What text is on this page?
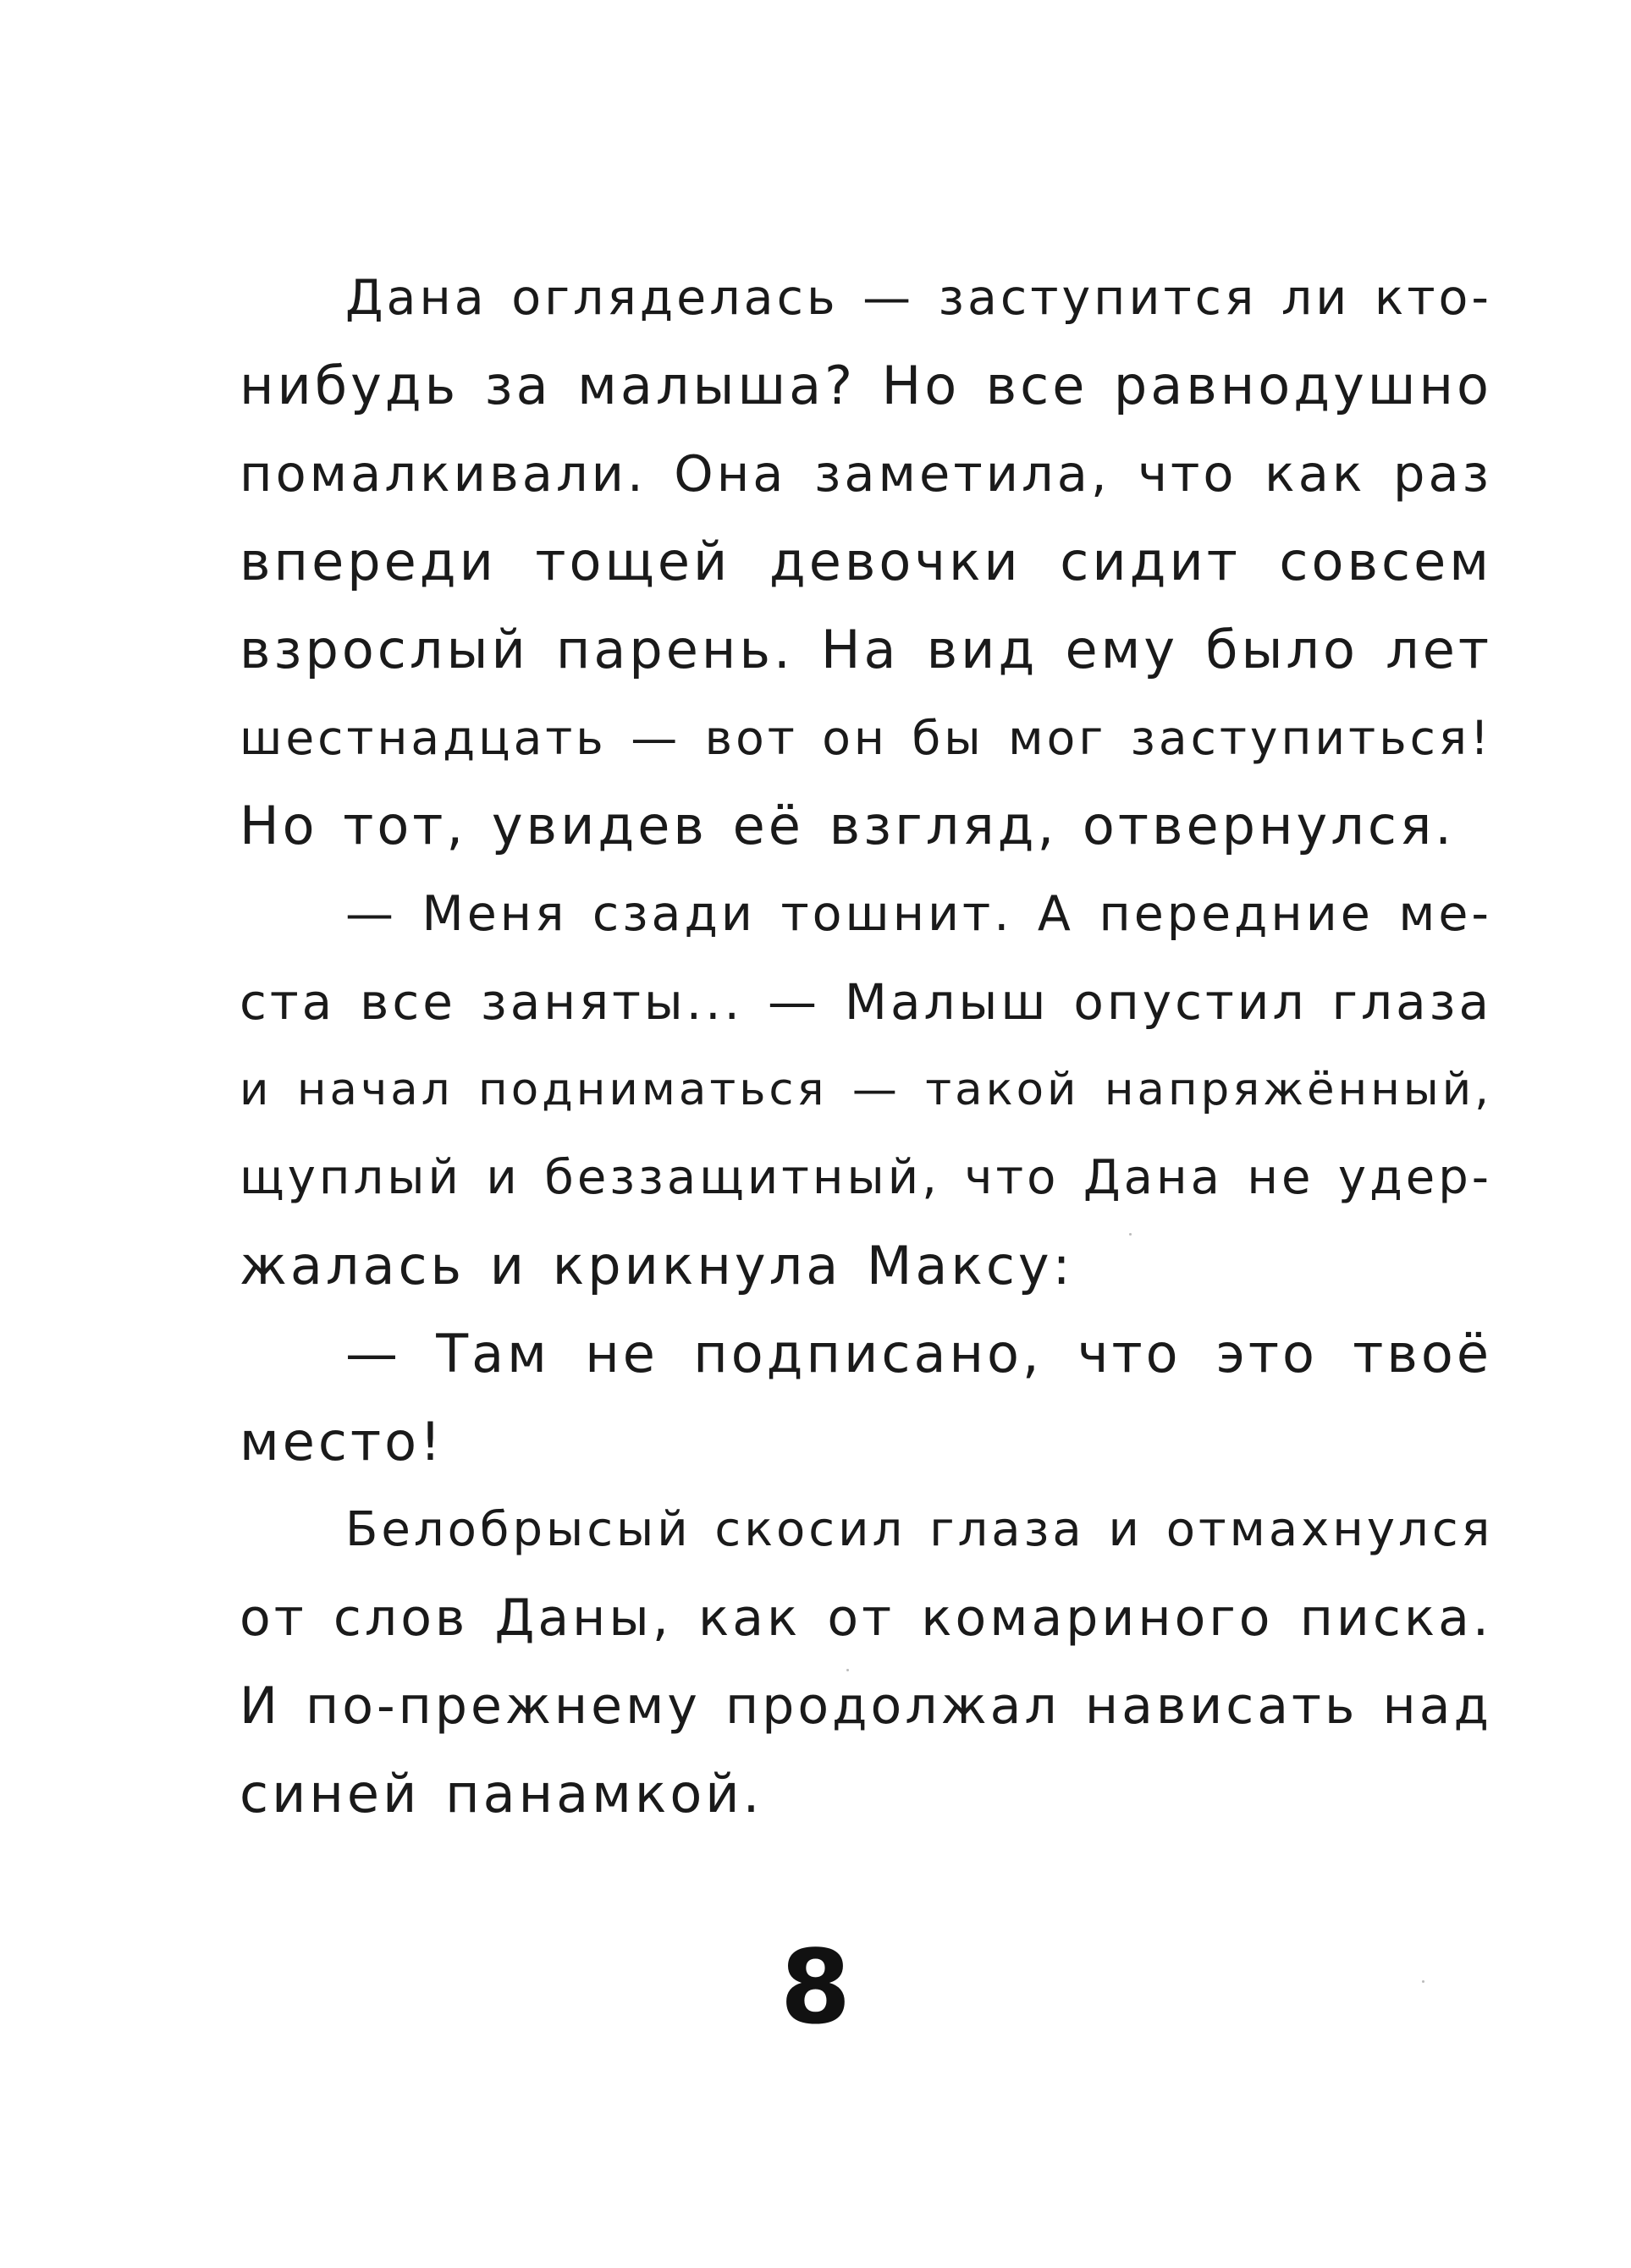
Дана огляделась — заступится ли кто-
нибудь за малыша? Но все равнодушно
помалкивали. Она заметила, что как раз
впереди тощей девочки сидит совсем
взрослый парень. На вид ему было лет
шестнадцать — вот он бы мог заступиться!
Но тот, увидев её взгляд, отвернулся.
— Меня сзади тошнит. А передние ме-
ста все заняты... — Малыш опустил глаза
и начал подниматься — такой напряжённый,
щуплый и беззащитный, что Дана не удер-
жалась и крикнула Максу:
— Там не подписано, что это твоё
место!
Белобрысый скосил глаза и отмахнулся
от слов Даны, как от комариного писка.
И по-прежнему продолжал нависать над
синей панамкой.
8
